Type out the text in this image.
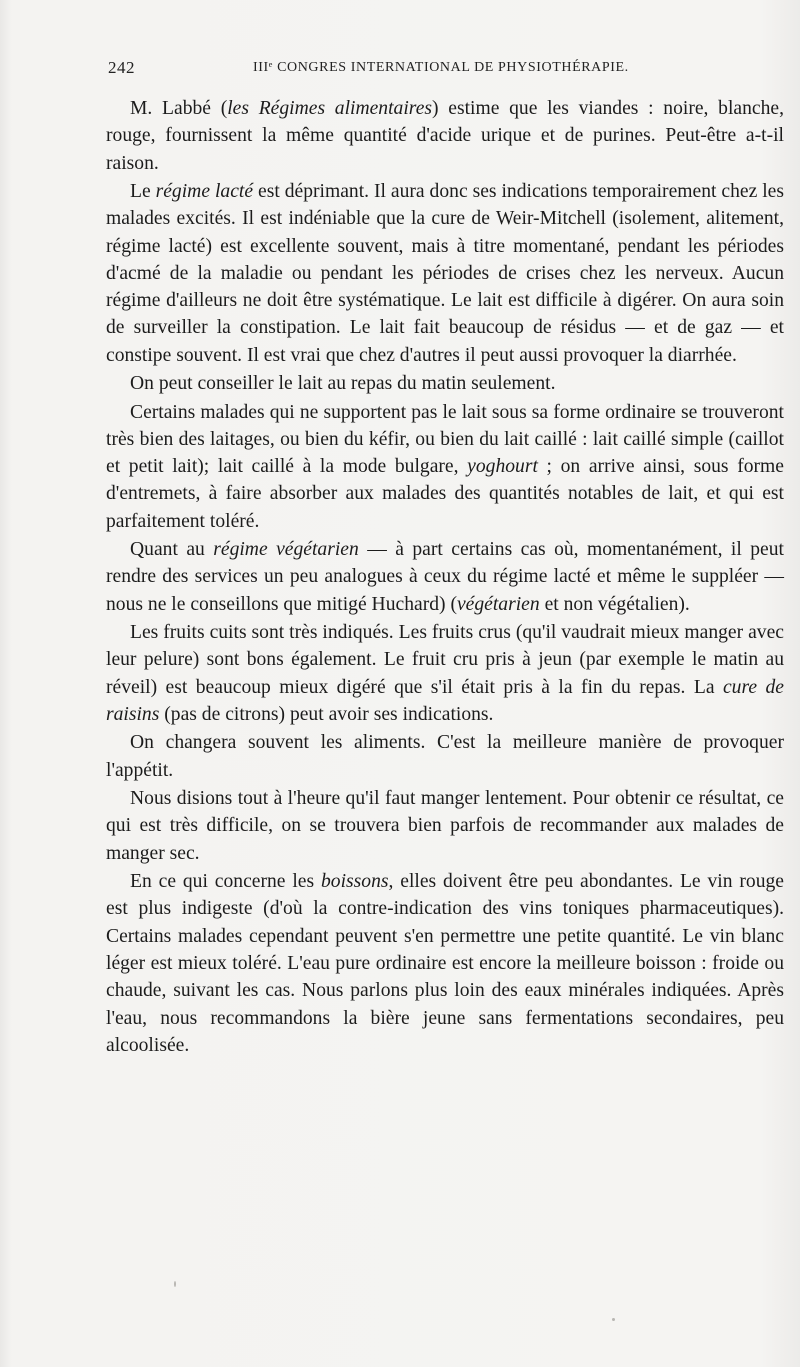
242	IIIᵉ CONGRES INTERNATIONAL DE PHYSIOTHÉRAPIE.

M. Labbé (les Régimes alimentaires) estime que les viandes : noire, blanche, rouge, fournissent la même quantité d'acide urique et de purines. Peut-être a-t-il raison.

Le régime lacté est déprimant. Il aura donc ses indications temporairement chez les malades excités. Il est indéniable que la cure de Weir-Mitchell (isolement, alitement, régime lacté) est excellente souvent, mais à titre momentané, pendant les périodes d'acmé de la maladie ou pendant les périodes de crises chez les nerveux. Aucun régime d'ailleurs ne doit être systématique. Le lait est difficile à digérer. On aura soin de surveiller la constipation. Le lait fait beaucoup de résidus — et de gaz — et constipe souvent. Il est vrai que chez d'autres il peut aussi provoquer la diarrhée.

On peut conseiller le lait au repas du matin seulement.

Certains malades qui ne supportent pas le lait sous sa forme ordinaire se trouveront très bien des laitages, ou bien du kéfir, ou bien du lait caillé : lait caillé simple (caillot et petit lait); lait caillé à la mode bulgare, yoghourt ; on arrive ainsi, sous forme d'entremets, à faire absorber aux malades des quantités notables de lait, et qui est parfaitement toléré.

Quant au régime végétarien — à part certains cas où, momentanément, il peut rendre des services un peu analogues à ceux du régime lacté et même le suppléer — nous ne le conseillons que mitigé Huchard) (végétarien et non végétalien).

Les fruits cuits sont très indiqués. Les fruits crus (qu'il vaudrait mieux manger avec leur pelure) sont bons également. Le fruit cru pris à jeun (par exemple le matin au réveil) est beaucoup mieux digéré que s'il était pris à la fin du repas. La cure de raisins (pas de citrons) peut avoir ses indications.

On changera souvent les aliments. C'est la meilleure manière de provoquer l'appétit.

Nous disions tout à l'heure qu'il faut manger lentement. Pour obtenir ce résultat, ce qui est très difficile, on se trouvera bien parfois de recommander aux malades de manger sec.

En ce qui concerne les boissons, elles doivent être peu abondantes. Le vin rouge est plus indigeste (d'où la contre-indication des vins toniques pharmaceutiques). Certains malades cependant peuvent s'en permettre une petite quantité. Le vin blanc léger est mieux toléré. L'eau pure ordinaire est encore la meilleure boisson : froide ou chaude, suivant les cas. Nous parlons plus loin des eaux minérales indiquées. Après l'eau, nous recommandons la bière jeune sans fermentations secondaires, peu alcoolisée.
